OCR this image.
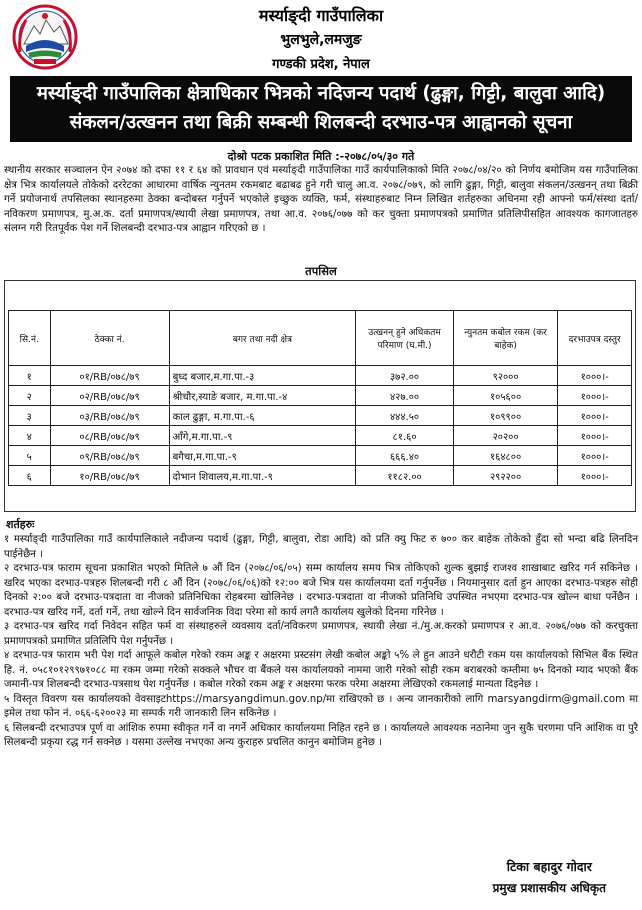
मर्स्याङ्दी गाउँपालिका
भुलभुले,लमजुङ
गण्डकी प्रदेश, नेपाल
मर्स्याङ्दी गाउँपालिका क्षेत्राधिकार भित्रको नदिजन्य पदार्थ (ढुङ्गा, गिट्टी, बालुवा आदि)
संकलन/उत्खनन तथा बिक्री सम्बन्धी शिलबन्दी दरभाउ-पत्र आह्वानको सूचना
दोश्रो पटक प्रकाशित मिति :-२०७८/०५/३० गते
स्थानीय सरकार सञ्चालन ऐन २०७४ को दफा ११ र ६४ को प्रावधान एवं मर्स्याङ्दी गाउँपालिका गाउँ कार्यपालिकाको मिति २०७८/०४/२० को निर्णय बमोजिम यस गाउँपालिका क्षेत्र भित्र कार्यालयले तोकेको दररेटका आधारमा वार्षिक न्युनतम रकमबाट बढाबढ हुने गरी चालु आ.व. २०७८/०७९, को लागि ढुङ्गा, गिट्टी, बालुवा संकलन/उत्खनन् तथा बिक्री गर्ने प्रयोजनार्थ तपसिलका स्थानहरुमा ठेक्का बन्दोबस्त गर्नुपर्ने भएकोले इच्छुक व्यक्ति, फर्म, संस्थाहरुबाट निम्न लिखित शर्तहरुका अधिनमा रही आफ्नो फर्म/संस्था दर्ता/नविकरण प्रमाणपत्र, मु.अ.क. दर्ता प्रमाणपत्र/स्थायी लेखा प्रमाणपत्र, तथा आ.व. २०७६/०७७ को कर चुक्ता प्रमाणपत्रको प्रमाणित प्रतिलिपीसहित आवश्यक कागजातहरु संलग्न गरी रितपूर्वक पेश गर्ने शिलबन्दी दरभाउ-पत्र आह्वान गरिएको छ ।
तपसिल
सि.नं.	ठेक्का नं.	बगर तथा नदी क्षेत्र	उत्खनन् हुने अधिकतम परिमाण (घ.मी.)	न्युनतम कबोल रकम (कर बाहेक)	दरभाउपत्र दस्तुर
१	०१/RB/०७८/७९	बुध्द बजार,म.गा.पा.-३	३७२.००	९२०००	१०००।-
२	०२/RB/०७८/७९	श्रीचौर,स्याङे बजार, म.गा.पा.-४	४२७.००	१०५६००	१०००।-
३	०३/RB/०७८/७९	काल ढुङ्गा, म.गा.पा.-६	४४४.५०	१०९९००	१०००।-
४	०८/RB/०७८/७९	आँगे,म.गा.पा.-९	८१.६०	२०२००	१०००।-
५	०९/RB/०७८/७९	बगैचा,म.गा.पा.-९	६६६.४०	१६४८००	१०००।-
६	१०/RB/०७८/७९	दोभान शिवालय,म.गा.पा.-९	११८२.००	२९२२००	१०००।-
शर्तहरुः

१ मर्स्याङ्दी गाउँपालिका गाउँ कार्यपालिकाले नदीजन्य पदार्थ (ढुङ्गा, गिट्टी, बालुवा, रोडा आदि) को प्रति क्यु फिट रु ७०० कर बाहेक तोकेको हुँदा सो भन्दा बढि लिनदिन पाईनेछैन ।

२ दरभाउ-पत्र फाराम सूचना प्रकाशित भएको मितिले ७ औं दिन (२०७८/०६/०५) सम्म कार्यालय समय भित्र तोकिएको शुल्क बुझाई राजश्व शाखाबाट खरिद गर्न सकिनेछ । खरिद भएका दरभाउ-पत्रहरु शिलबन्दी गरी ८ औं दिन (२०७८/०६/०६)को १२:०० बजे भित्र यस कार्यालयमा दर्ता गर्नुपर्नेछ । नियमानुसार दर्ता हुन आएका दरभाउ-पत्रहरु सोही दिनको २:०० बजे दरभाउ-पत्रदाता वा नीजको प्रतिनिधिका रोहबरमा खोलिनेछ । दरभाउ-पत्रदाता वा नीजको प्रतिनिधि उपस्थित नभएमा दरभाउ-पत्र खोल्न बाधा पर्नेछैन । दरभाउ-पत्र खरिद गर्ने, दर्ता गर्ने, तथा खोल्ने दिन सार्वजनिक विदा परेमा सो कार्य लगतै कार्यालय खुलेको दिनमा गरिनेछ ।

३ दरभाउ-पत्र खरिद गर्दा निवेदन सहित फर्म वा संस्थाहरुले व्यवसाय दर्ता/नविकरण प्रमाणपत्र, स्थायी लेखा नं./मु.अ.करको प्रमाणपत्र र आ.व. २०७६/०७७ को करचुक्ता प्रमाणपत्रको प्रमाणित प्रतिलिपि पेश गर्नुपर्नेछ ।

४ दरभाउ-पत्र फाराम भरी पेश गर्दा आफूले कबोल गरेको रकम अङ्क र अक्षरमा प्रस्टसंग लेखी कबोल अङ्को ५% ले हुन आउने धरौटी रकम यस कार्यालयको सिभिल बैंक स्थित हि. नं. ०५८१०१२९९७१०८८ मा रकम जम्मा गरेको सक्कले भौचर वा बैंकले यस कार्यालयको नाममा जारी गरेको सोही रकम बराबरको कम्तीमा ७५ दिनको म्याद भएको बैंक जमानी-पत्र शिलबन्दी दरभाउ-पत्रसाथ पेश गर्नुपर्नेछ । कबोल गरेको रकम अङ्क र अक्षरमा फरक परेमा अक्षरमा लेखिएको रकमलाई मान्यता दिइनेछ ।

५ विस्तृत विवरण यस कार्यालयको वेवसाइटhttps://marsyangdimun.gov.np/मा राखिएको छ । अन्य जानकारीको लागि marsyangdirm@gmail.com मा इमेल तथा फोन नं. ०६६-६२००२३ मा सम्पर्क गरी जानकारी लिन सकिनेछ ।

६ सिलबन्दी दरभाउपत्र पूर्ण वा आंशिक रुपमा स्वीकृत गर्ने वा नगर्ने अधिकार कार्यालयमा निहित रहने छ । कार्यालयले आवश्यक नठानेमा जुन सुकै चरणमा पनि आंशिक वा पुरै सिलबन्दी प्रकृया रद्ध गर्न सक्नेछ । यसमा उल्लेख नभएका अन्य कुराहरु प्रचलित कानुन बमोजिम हुनेछ ।

टिका बहादुर गोदार
प्रमुख प्रशासकीय अधिकृत
